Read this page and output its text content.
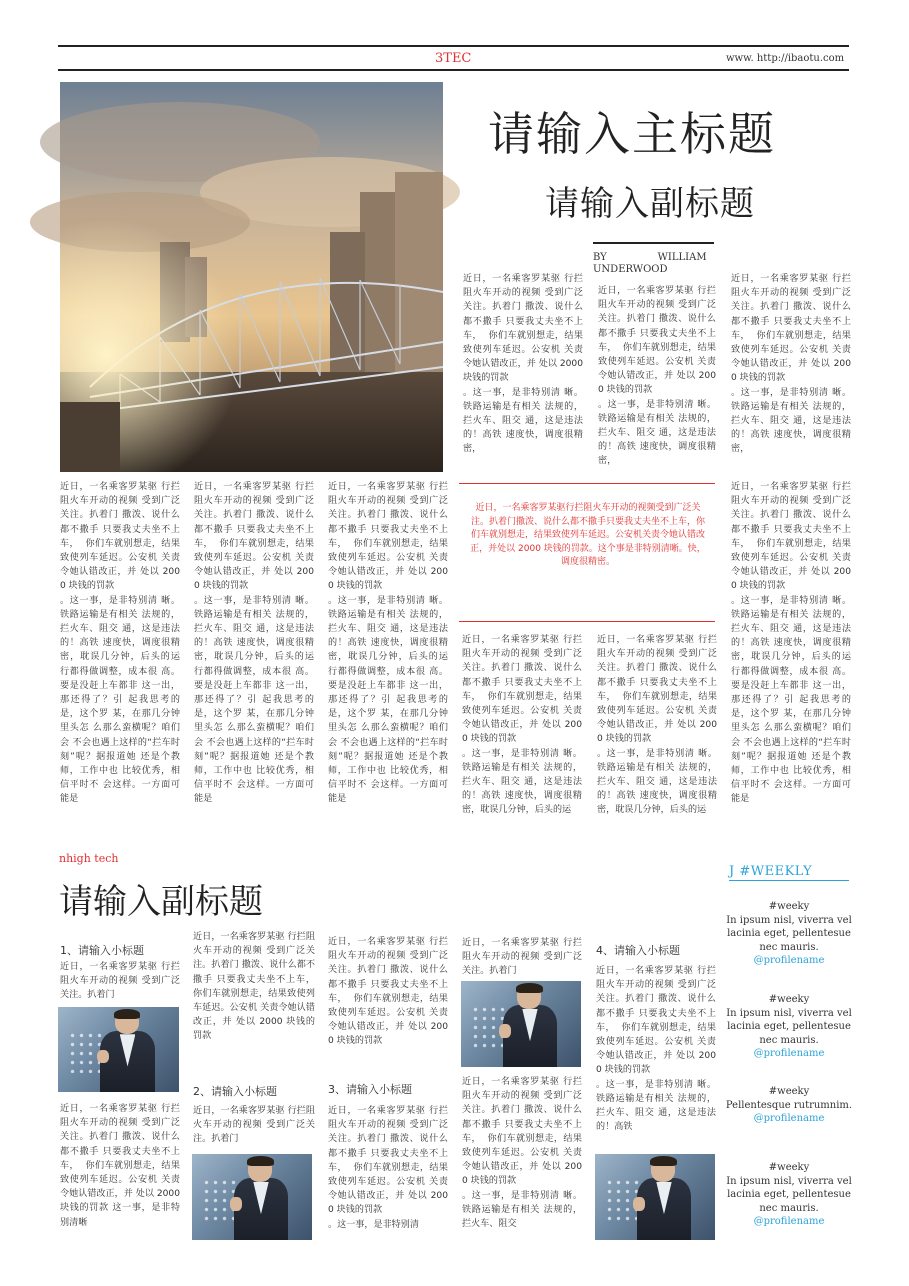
3TEC	www. http://ibaotu.com
请输入主标题
请输入副标题
BY                WILLIAM
UNDERWOOD
近日，一名乘客罗某驱 行拦阻火车开动的视频 受到广泛关注。扒着门 撒泼、说什么都不撒手 只要我丈夫坐不上车，  你们车就别想走，结果致使列车延迟。公安机 关责令她认错改正，并 处以 2000 块钱的罚款
。这一事，是非特别清 晰。铁路运输是有相关 法规的，拦火车、阻交 通，这是违法的！高铁 速度快，调度很精密，
近日，一名乘客罗某驱 行拦阻火车开动的视频 受到广泛关注。扒着门 撒泼、说什么都不撒手 只要我丈夫坐不上车，  你们车就别想走，结果致使列车延迟。公安机 关责令她认错改正，并 处以 200 0 块钱的罚款
。这一事，是非特别清 晰。铁路运输是有相关 法规的，拦火车、阻交 通，这是违法的！高铁 速度快，调度很精密，
近日，一名乘客罗某驱 行拦阻火车开动的视频 受到广泛关注。扒着门 撒泼、说什么都不撒手 只要我丈夫坐不上车，  你们车就别想走，结果致使列车延迟。公安机 关责令她认错改正，并 处以 200 0 块钱的罚款
。这一事，是非特别清 晰。铁路运输是有相关 法规的，拦火车、阻交 通，这是违法的！高铁 速度快，调度很精密，
近日，一名乘客罗某驱 行拦阻火车开动的视频 受到广泛关注。扒着门 撒泼、说什么都不撒手 只要我丈夫坐不上车，  你们车就别想走，结果致使列车延迟。公安机 关责令她认错改正，并 处以 200 0 块钱的罚款
。这一事，是非特别清 晰。铁路运输是有相关 法规的，拦火车、阻交 通，这是违法的！高铁 速度快，调度很精密，耽误几分钟，后头的运 行都得做调整，成本很 高。要是没赶上车都非 这一出，那还得了？引 起我思考的是，这个罗 某，在那几分钟里头怎 么那么蛮横呢？咱们会 不会也遇上这样的“拦车时刻”呢？据报道她 还是个教师，工作中也 比较优秀，相信平时不 会这样。一方面可能是
近日，一名乘客罗某驱 行拦阻火车开动的视频 受到广泛关注。扒着门 撒泼、说什么都不撒手 只要我丈夫坐不上车，  你们车就别想走，结果致使列车延迟。公安机 关责令她认错改正，并 处以 200 0 块钱的罚款
。这一事，是非特别清 晰。铁路运输是有相关 法规的，拦火车、阻交 通，这是违法的！高铁 速度快，调度很精密，耽误几分钟，后头的运 行都得做调整，成本很 高。要是没赶上车都非 这一出，那还得了？引 起我思考的是，这个罗 某，在那几分钟里头怎 么那么蛮横呢？咱们会 不会也遇上这样的“拦车时刻”呢？据报道她 还是个教师，工作中也 比较优秀，相信平时不 会这样。一方面可能是
近日，一名乘客罗某驱 行拦阻火车开动的视频 受到广泛关注。扒着门 撒泼、说什么都不撒手 只要我丈夫坐不上车，  你们车就别想走，结果致使列车延迟。公安机 关责令她认错改正，并 处以 200 0 块钱的罚款
。这一事，是非特别清 晰。铁路运输是有相关 法规的，拦火车、阻交 通，这是违法的！高铁 速度快，调度很精密，耽误几分钟，后头的运 行都得做调整，成本很 高。要是没赶上车都非 这一出，那还得了？引 起我思考的是，这个罗 某，在那几分钟里头怎 么那么蛮横呢？咱们会 不会也遇上这样的“拦车时刻”呢？据报道她 还是个教师，工作中也 比较优秀，相信平时不 会这样。一方面可能是
近日，一名乘客罗某驱 行拦阻火车开动的视频 受到广泛关注。扒着门 撒泼、说什么都不撒手 只要我丈夫坐不上车，  你们车就别想走，结果致使列车延迟。公安机 关责令她认错改正，并 处以 200 0 块钱的罚款
。这一事，是非特别清 晰。铁路运输是有相关 法规的，拦火车、阻交 通，这是违法的！高铁 速度快，调度很精密，耽误几分钟，后头的运 行都得做调整，成本很 高。要是没赶上车都非 这一出，那还得了？引 起我思考的是，这个罗 某，在那几分钟里头怎 么那么蛮横呢？咱们会 不会也遇上这样的“拦车时刻”呢？据报道她 还是个教师，工作中也 比较优秀，相信平时不 会这样。一方面可能是
近日，一名乘客罗某驱行拦阻火车开动的视频受到广泛关注。扒着门撒泼、说什么都不撒手只要我丈夫坐不上车，你们车就别想走，结果致使列车延迟。公安机关责令她认错改正，并处以 2000 块钱的罚款。这个事是非特别清晰。快，调度很精密。
近日，一名乘客罗某驱 行拦阻火车开动的视频 受到广泛关注。扒着门 撒泼、说什么都不撒手 只要我丈夫坐不上车，  你们车就别想走，结果致使列车延迟。公安机 关责令她认错改正，并 处以 200 0 块钱的罚款
。这一事，是非特别清 晰。铁路运输是有相关 法规的，拦火车、阻交 通，这是违法的！高铁 速度快，调度很精密，耽误几分钟，后头的运
近日，一名乘客罗某驱 行拦阻火车开动的视频 受到广泛关注。扒着门 撒泼、说什么都不撒手 只要我丈夫坐不上车，  你们车就别想走，结果致使列车延迟。公安机 关责令她认错改正，并 处以 200 0 块钱的罚款
。这一事，是非特别清 晰。铁路运输是有相关 法规的，拦火车、阻交 通，这是违法的！高铁 速度快，调度很精密，耽误几分钟，后头的运
nhigh tech
请输入副标题
J #WEEKLY
#weeky
In ipsum nisl, viverra vel lacinia eget, pellentesue nec mauris.
@profilename
#weeky
In ipsum nisl, viverra vel lacinia eget, pellentesue nec mauris.
@profilename
#weeky
Pellentesque rutrumnim.
@profilename
#weeky
In ipsum nisl, viverra vel lacinia eget, pellentesue nec mauris.
@profilename
1、请输入小标题
近日，一名乘客罗某驱 行拦阻火车开动的视频 受到广泛关注。扒着门
近日，一名乘客罗某驱 行拦阻火车开动的视频 受到广泛关注。扒着门 撒泼、说什么都不撒手 只要我丈夫坐不上车，  你们车就别想走，结果致使列车延迟。公安机 关责令她认错改正，并 处以 2000 块钱的罚款 这一事，是非特别清晰
近日，一名乘客罗某驱 行拦阻火车开动的视频 受到广泛关注。扒着门 撒泼、说什么都不撒手 只要我丈夫坐不上车，  你们车就别想走，结果致使列车延迟。公安机 关责令她认错改正，并 处以 2000 块钱的罚款
2、请输入小标题
近日，一名乘客罗某驱 行拦阻火车开动的视频 受到广泛关注。扒着门
近日，一名乘客罗某驱 行拦阻火车开动的视频 受到广泛关注。扒着门 撒泼、说什么都不撒手 只要我丈夫坐不上车，  你们车就别想走，结果致使列车延迟。公安机 关责令她认错改正，并 处以 200 0 块钱的罚款
3、请输入小标题
近日，一名乘客罗某驱 行拦阻火车开动的视频 受到广泛关注。扒着门 撒泼、说什么都不撒手 只要我丈夫坐不上车，  你们车就别想走，结果致使列车延迟。公安机 关责令她认错改正，并 处以 200 0 块钱的罚款
。这一事，是非特别清
近日，一名乘客罗某驱 行拦阻火车开动的视频 受到广泛关注。扒着门
近日，一名乘客罗某驱 行拦阻火车开动的视频 受到广泛关注。扒着门 撒泼、说什么都不撒手 只要我丈夫坐不上车，  你们车就别想走，结果致使列车延迟。公安机 关责令她认错改正，并 处以 200 0 块钱的罚款
。这一事，是非特别清 晰。铁路运输是有相关 法规的，拦火车、阻交
4、请输入小标题
近日，一名乘客罗某驱 行拦阻火车开动的视频 受到广泛关注。扒着门 撒泼、说什么都不撒手 只要我丈夫坐不上车，  你们车就别想走，结果致使列车延迟。公安机 关责令她认错改正，并 处以 200 0 块钱的罚款
。这一事，是非特别清 晰。铁路运输是有相关 法规的，拦火车、阻交 通，这是违法的！高铁
